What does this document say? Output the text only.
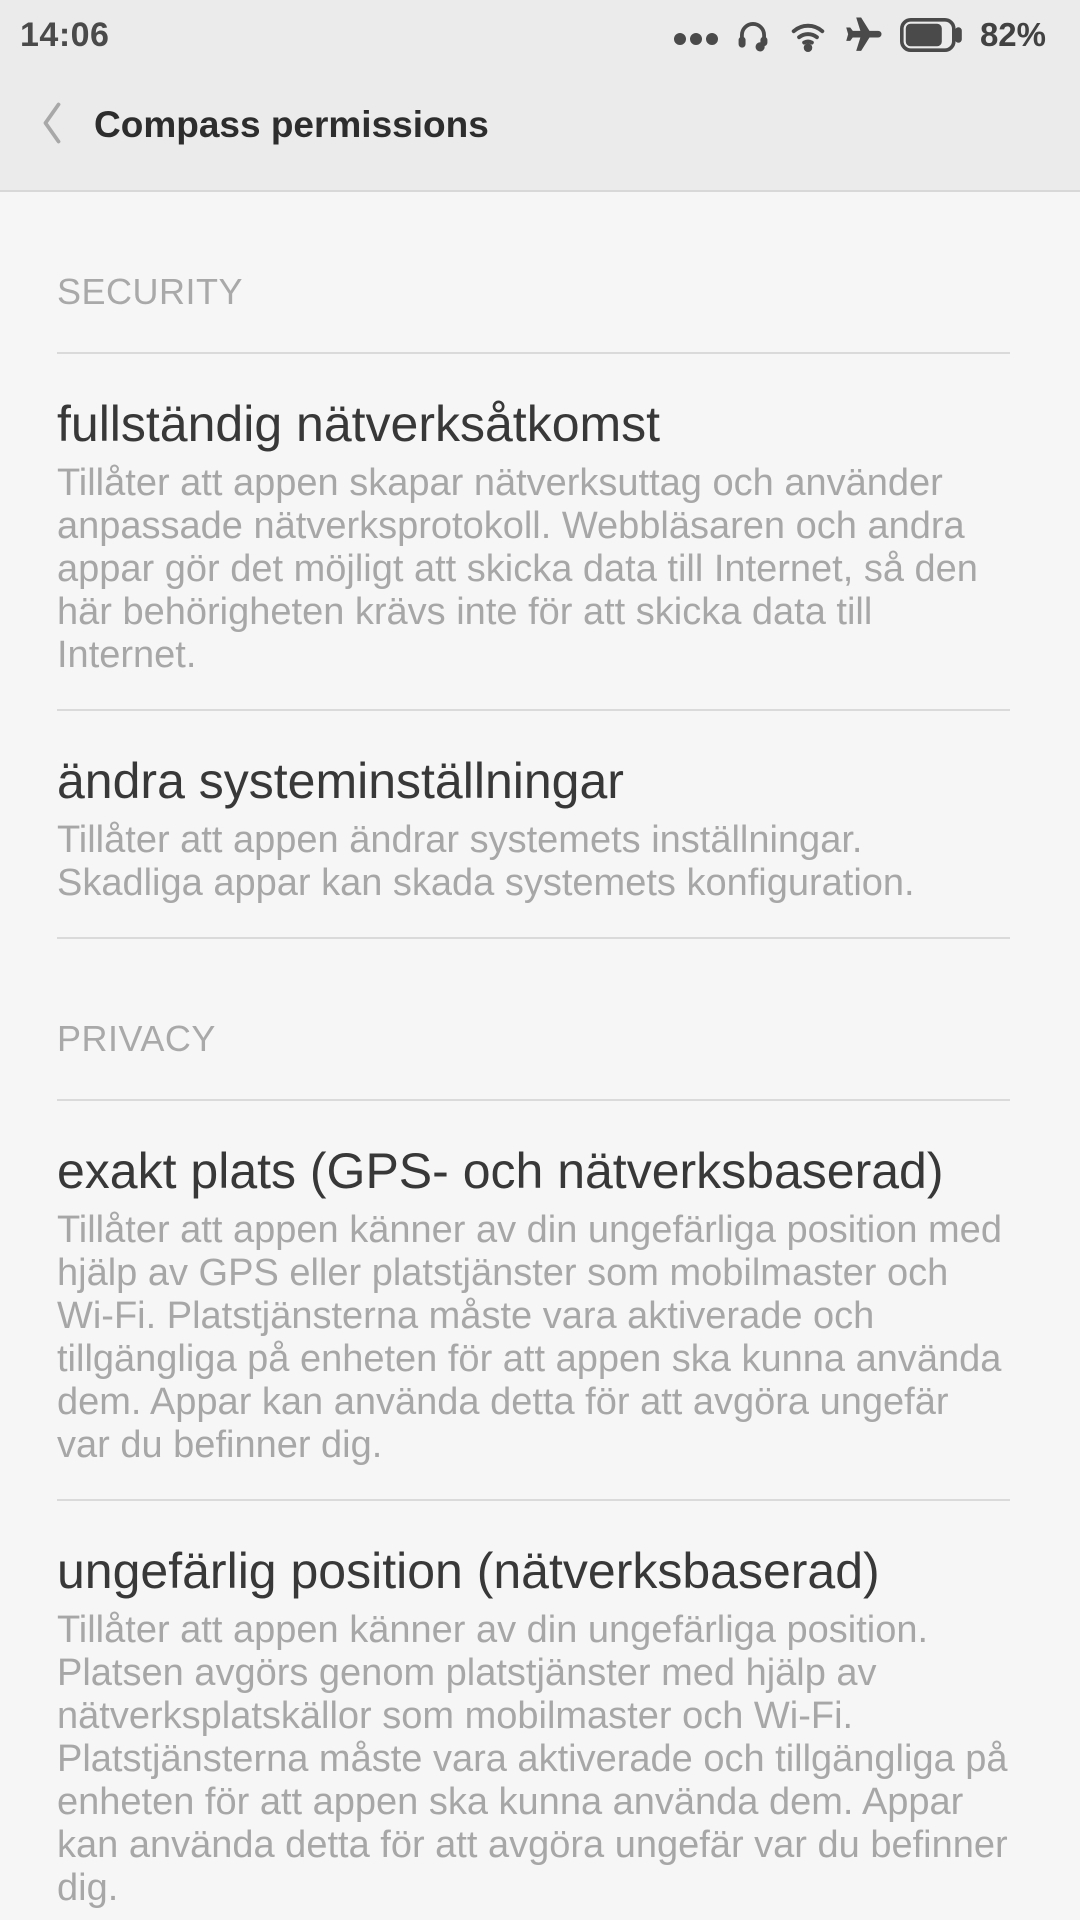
14:06	82%
Compass permissions
SECURITY
fullständig nätverksåtkomst
Tillåter att appen skapar nätverksuttag och använder anpassade nätverksprotokoll. Webbläsaren och andra appar gör det möjligt att skicka data till Internet, så den här behörigheten krävs inte för att skicka data till Internet.
ändra systeminställningar
Tillåter att appen ändrar systemets inställningar. Skadliga appar kan skada systemets konfiguration.
PRIVACY
exakt plats (GPS- och nätverksbaserad)
Tillåter att appen känner av din ungefärliga position med hjälp av GPS eller platstjänster som mobilmaster och Wi-Fi. Platstjänsterna måste vara aktiverade och tillgängliga på enheten för att appen ska kunna använda dem. Appar kan använda detta för att avgöra ungefär var du befinner dig.
ungefärlig position (nätverksbaserad)
Tillåter att appen känner av din ungefärliga position. Platsen avgörs genom platstjänster med hjälp av nätverksplatskällor som mobilmaster och Wi-Fi. Platstjänsterna måste vara aktiverade och tillgängliga på enheten för att appen ska kunna använda dem. Appar kan använda detta för att avgöra ungefär var du befinner dig.
